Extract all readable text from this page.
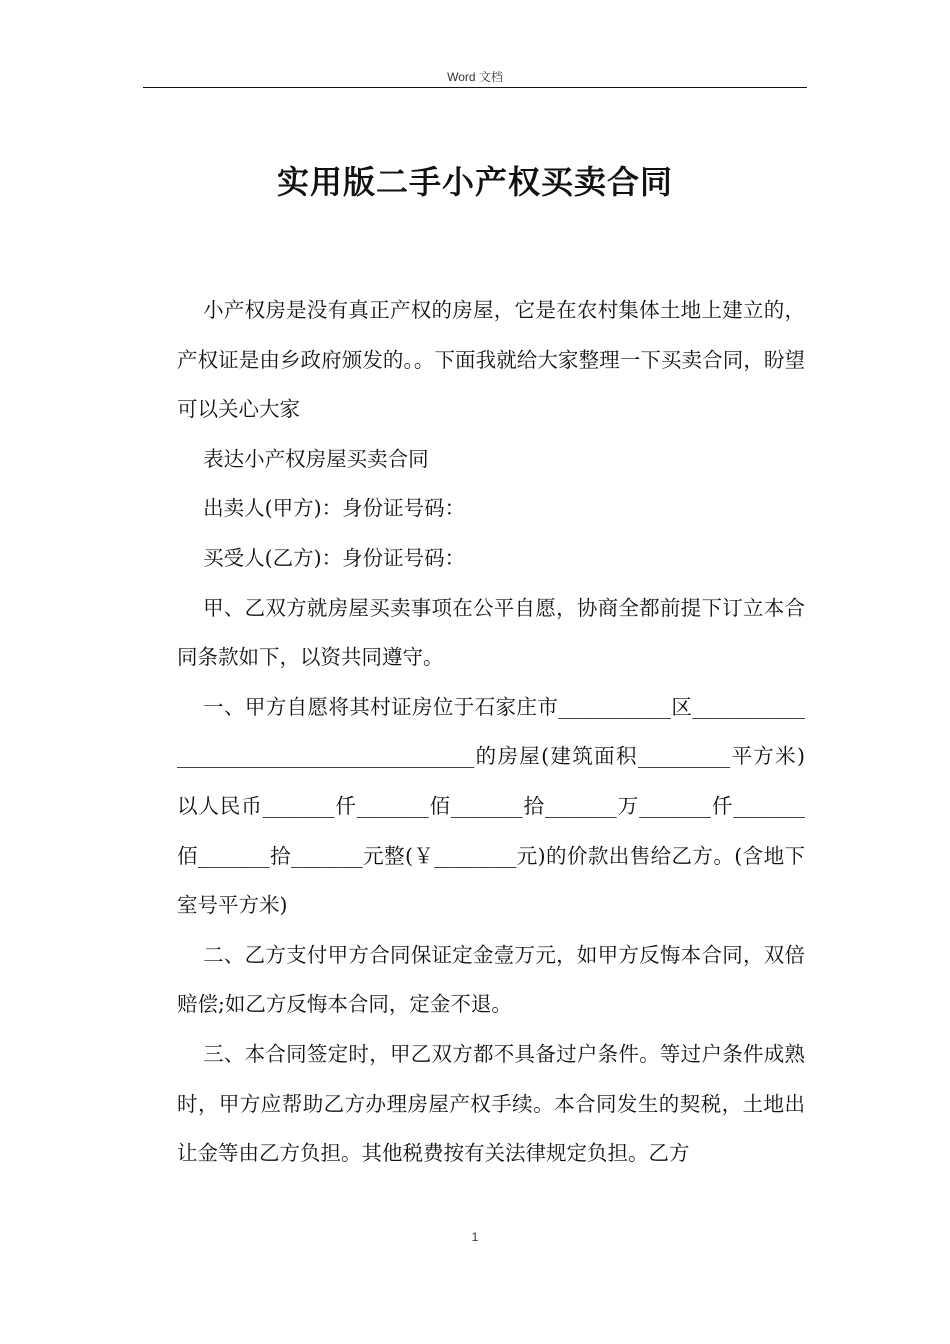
Word 文档
实用版二手小产权买卖合同

小产权房是没有真正产权的房屋，它是在农村集体土地上建立的，产权证是由乡政府颁发的。。下面我就给大家整理一下买卖合同，盼望可以关心大家

表达小产权房屋买卖合同

出卖人(甲方)：身份证号码：

买受人(乙方)：身份证号码：

甲、乙双方就房屋买卖事项在公平自愿，协商全都前提下订立本合同条款如下，以资共同遵守。

一、甲方自愿将其村证房位于石家庄市___________区________________________________________的房屋(建筑面积_________平方米)以人民币_______仟_______佰_______拾_______万_______仟_______佰_______拾_______元整(￥________元)的价款出售给乙方。(含地下室号平方米)

二、乙方支付甲方合同保证定金壹万元，如甲方反悔本合同，双倍赔偿;如乙方反悔本合同，定金不退。

三、本合同签定时，甲乙双方都不具备过户条件。等过户条件成熟时，甲方应帮助乙方办理房屋产权手续。本合同发生的契税，土地出让金等由乙方负担。其他税费按有关法律规定负担。乙方

1
